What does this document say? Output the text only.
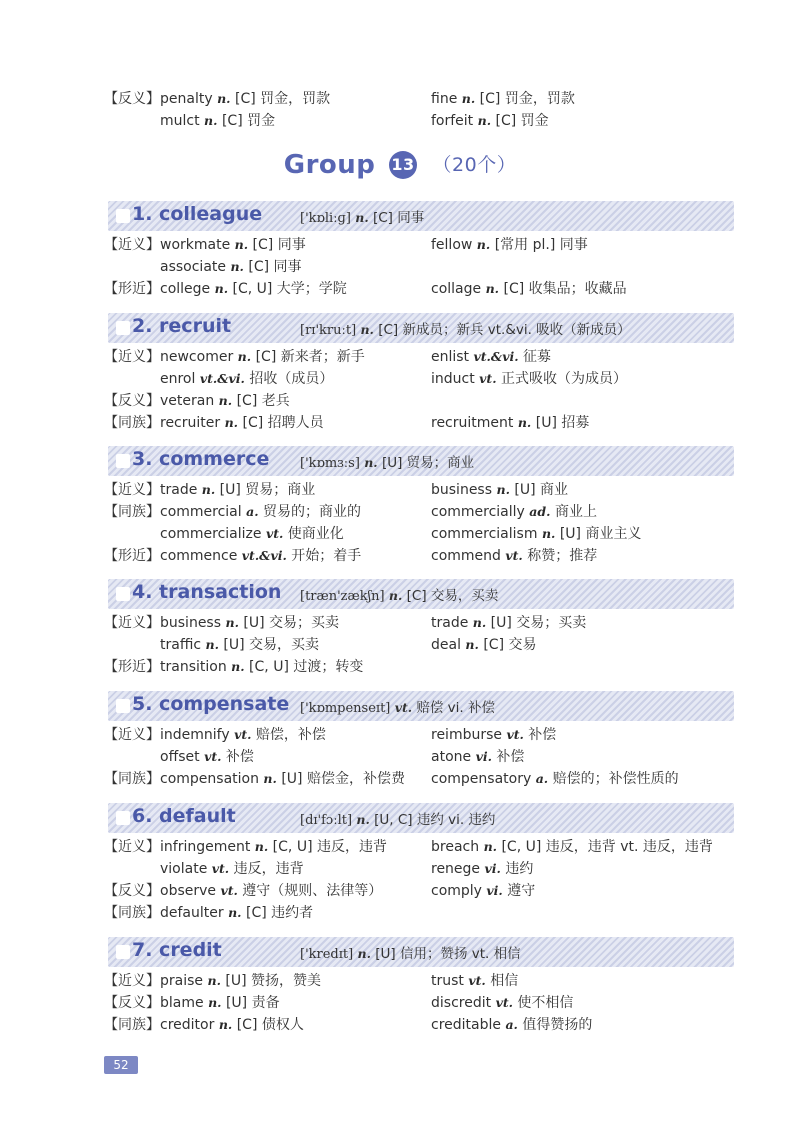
【反义】 penalty n. [C] 罚金，罚款	fine n. [C] 罚金，罚款
mulct n. [C] 罚金	forfeit n. [C] 罚金
Group 13 （20个）
1. colleague	['kɒliːɡ] n. [C] 同事
【近义】 workmate n. [C] 同事	fellow n. [常用 pl.] 同事
associate n. [C] 同事
【形近】 college n. [C, U] 大学；学院	collage n. [C] 收集品；收藏品
2. recruit	[rɪ'kruːt] n. [C] 新成员；新兵 vt.&vi. 吸收（新成员）
【近义】 newcomer n. [C] 新来者；新手	enlist vt.&vi. 征募
enrol vt.&vi. 招收（成员）	induct vt. 正式吸收（为成员）
【反义】 veteran n. [C] 老兵
【同族】 recruiter n. [C] 招聘人员	recruitment n. [U] 招募
3. commerce ['kɒmɜːs] n. [U] 贸易；商业
【近义】 trade n. [U] 贸易；商业	business n. [U] 商业
【同族】 commercial a. 贸易的；商业的	commercially ad. 商业上
commercialize vt. 使商业化	commercialism n. [U] 商业主义
【形近】 commence vt.&vi. 开始；着手	commend vt. 称赞；推荐
4. transaction [træn'zækʃn] n. [C] 交易，买卖
【近义】 business n. [U] 交易；买卖	trade n. [U] 交易；买卖
traffic n. [U] 交易，买卖	deal n. [C] 交易
【形近】 transition n. [C, U] 过渡；转变
5. compensate ['kɒmpenseɪt] vt. 赔偿 vi. 补偿
【近义】 indemnify vt. 赔偿，补偿	reimburse vt. 补偿
offset vt. 补偿	atone vi. 补偿
【同族】 compensation n. [U] 赔偿金，补偿费 compensatory a. 赔偿的；补偿性质的
6. default	[dɪ'fɔːlt] n. [U, C] 违约 vi. 违约
【近义】 infringement n. [C, U] 违反，违背	breach n. [C, U] 违反，违背 vt. 违反，违背
violate vt. 违反，违背	renege vi. 违约
【反义】 observe vt. 遵守（规则、法律等）	comply vi. 遵守
【同族】 defaulter n. [C] 违约者
7. credit	['kredɪt] n. [U] 信用；赞扬 vt. 相信
【近义】 praise n. [U] 赞扬，赞美	trust vt. 相信
【反义】 blame n. [U] 责备	discredit vt. 使不相信
【同族】 creditor n. [C] 债权人	creditable a. 值得赞扬的
52
